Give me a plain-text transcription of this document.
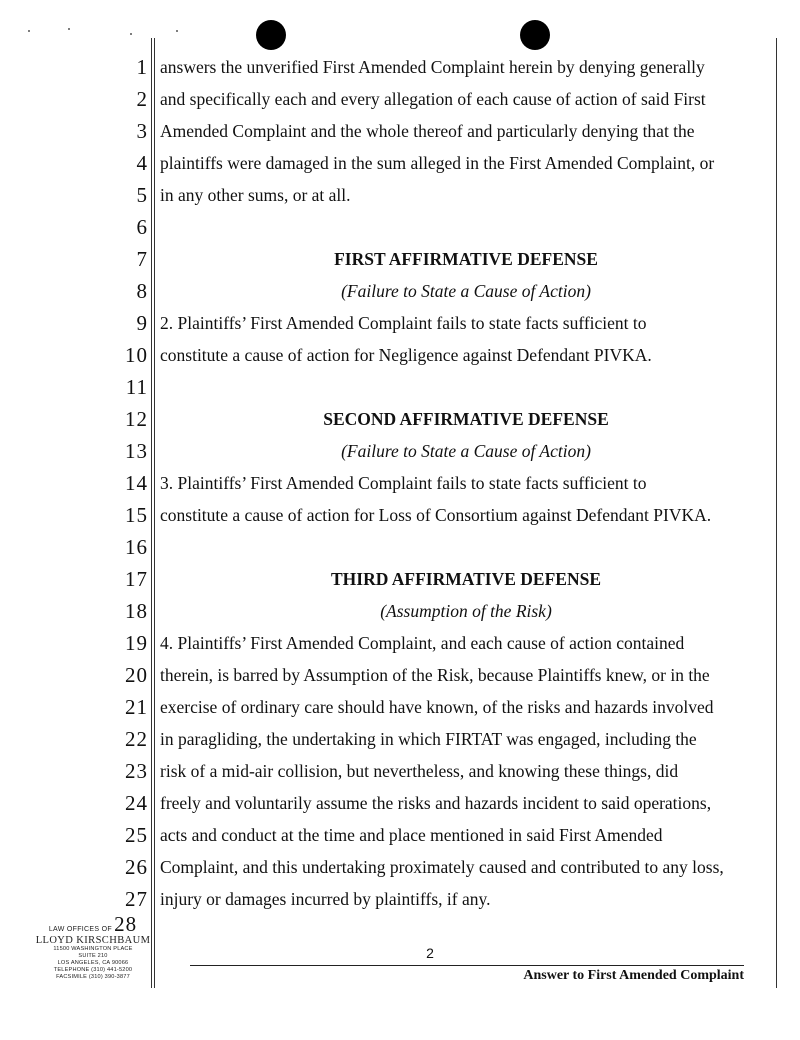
1
2
3
4
5
6
7
8
9
10
11
12
13
14
15
16
17
18
19
20
21
22
23
24
25
26
27
answers the unverified First Amended Complaint herein by denying generally
and specifically each and every allegation of each cause of action of said First
Amended Complaint and the whole thereof and particularly denying that the
plaintiffs were damaged in the sum alleged in the First Amended Complaint, or
in any other sums, or at all.
FIRST AFFIRMATIVE DEFENSE
(Failure to State a Cause of Action)
2. Plaintiffs’ First Amended Complaint fails to state facts sufficient to
constitute a cause of action for Negligence against Defendant PIVKA.
SECOND AFFIRMATIVE DEFENSE
(Failure to State a Cause of Action)
3. Plaintiffs’ First Amended Complaint fails to state facts sufficient to
constitute a cause of action for Loss of Consortium against Defendant PIVKA.
THIRD AFFIRMATIVE DEFENSE
(Assumption of the Risk)
4. Plaintiffs’ First Amended Complaint, and each cause of action contained
therein, is barred by Assumption of the Risk, because Plaintiffs knew, or in the
exercise of ordinary care should have known, of the risks and hazards involved
in paragliding, the undertaking in which FIRTAT was engaged, including the
risk of a mid-air collision, but nevertheless, and knowing these things, did
freely and voluntarily assume the risks and hazards incident to said operations,
acts and conduct at the time and place mentioned in said First Amended
Complaint, and this undertaking proximately caused and contributed to any loss,
injury or damages incurred by plaintiffs, if any.
LAW OFFICES OF 28
LLOYD KIRSCHBAUM
11500 WASHINGTON PLACE
SUITE 210
LOS ANGELES, CA 90066
TELEPHONE (310) 441-5200
FACSIMILE (310) 390-3877
2
Answer to First Amended Complaint
